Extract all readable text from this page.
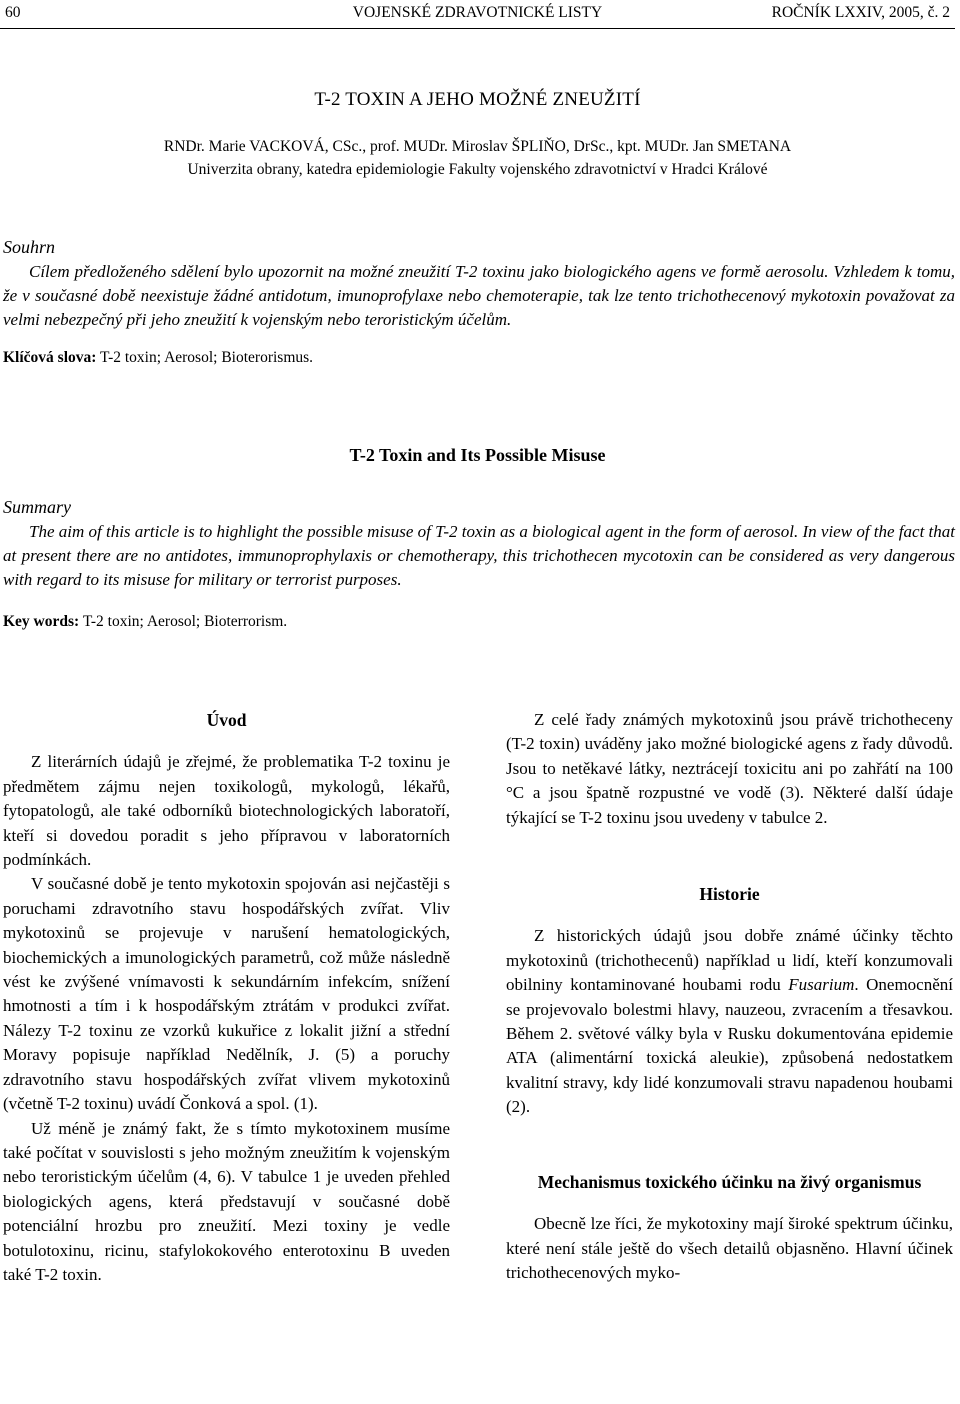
60	VOJENSKÉ ZDRAVOTNICKÉ LISTY	ROČNÍK LXXIV, 2005, č. 2
T-2 TOXIN A JEHO MOŽNÉ ZNEUŽITÍ
RNDr. Marie VACKOVÁ, CSc., prof. MUDr. Miroslav ŠPLIŇO, DrSc., kpt. MUDr. Jan SMETANA
Univerzita obrany, katedra epidemiologie Fakulty vojenského zdravotnictví v Hradci Králové
Souhrn

Cílem předloženého sdělení bylo upozornit na možné zneužití T-2 toxinu jako biologického agens ve formě aerosolu. Vzhledem k tomu, že v současné době neexistuje žádné antidotum, imunoprofylaxe nebo chemoterapie, tak lze tento trichothecenový mykotoxin považovat za velmi nebezpečný při jeho zneužití k vojenským nebo teroristickým účelům.

Klíčová slova: T-2 toxin; Aerosol; Bioterorismus.
T-2 Toxin and Its Possible Misuse
Summary

The aim of this article is to highlight the possible misuse of T-2 toxin as a biological agent in the form of aerosol. In view of the fact that at present there are no antidotes, immunoprophylaxis or chemotherapy, this trichothecen mycotoxin can be considered as very dangerous with regard to its misuse for military or terrorist purposes.

Key words: T-2 toxin; Aerosol; Bioterrorism.
Úvod

Z literárních údajů je zřejmé, že problematika T-2 toxinu je předmětem zájmu nejen toxikologů, mykologů, lékařů, fytopatologů, ale také odborníků biotechnologických laboratoří, kteří si dovedou poradit s jeho přípravou v laboratorních podmínkách.

V současné době je tento mykotoxin spojován asi nejčastěji s poruchami zdravotního stavu hospodářských zvířat. Vliv mykotoxinů se projevuje v narušení hematologických, biochemických a imunologických parametrů, což může následně vést ke zvýšené vnímavosti k sekundárním infekcím, snížení hmotnosti a tím i k hospodářským ztrátám v produkci zvířat. Nálezy T-2 toxinu ze vzorků kukuřice z lokalit jižní a střední Moravy popisuje například Nedělník, J. (5) a poruchy zdravotního stavu hospodářských zvířat vlivem mykotoxinů (včetně T-2 toxinu) uvádí Čonková a spol. (1).

Už méně je známý fakt, že s tímto mykotoxinem musíme také počítat v souvislosti s jeho možným zneužitím k vojenským nebo teroristickým účelům (4, 6). V tabulce 1 je uveden přehled biologických agens, která představují v současné době potenciální hrozbu pro zneužití. Mezi toxiny je vedle botulotoxinu, ricinu, stafylokokového enterotoxinu B uveden také T-2 toxin.

Z celé řady známých mykotoxinů jsou právě trichotheceny (T-2 toxin) uváděny jako možné biologické agens z řady důvodů. Jsou to netěkavé látky, neztrácejí toxicitu ani po zahřátí na 100 °C a jsou špatně rozpustné ve vodě (3). Některé další údaje týkající se T-2 toxinu jsou uvedeny v tabulce 2.

Historie

Z historických údajů jsou dobře známé účinky těchto mykotoxinů (trichothecenů) například u lidí, kteří konzumovali obilniny kontaminované houbami rodu Fusarium. Onemocnění se projevovalo bolestmi hlavy, nauzeou, zvracením a třesavkou. Během 2. světové války byla v Rusku dokumentována epidemie ATA (alimentární toxická aleukie), způsobená nedostatkem kvalitní stravy, kdy lidé konzumovali stravu napadenou houbami (2).

Mechanismus toxického účinku na živý organismus

Obecně lze říci, že mykotoxiny mají široké spektrum účinku, které není stále ještě do všech detailů objasněno. Hlavní účinek trichothecenových myko-
